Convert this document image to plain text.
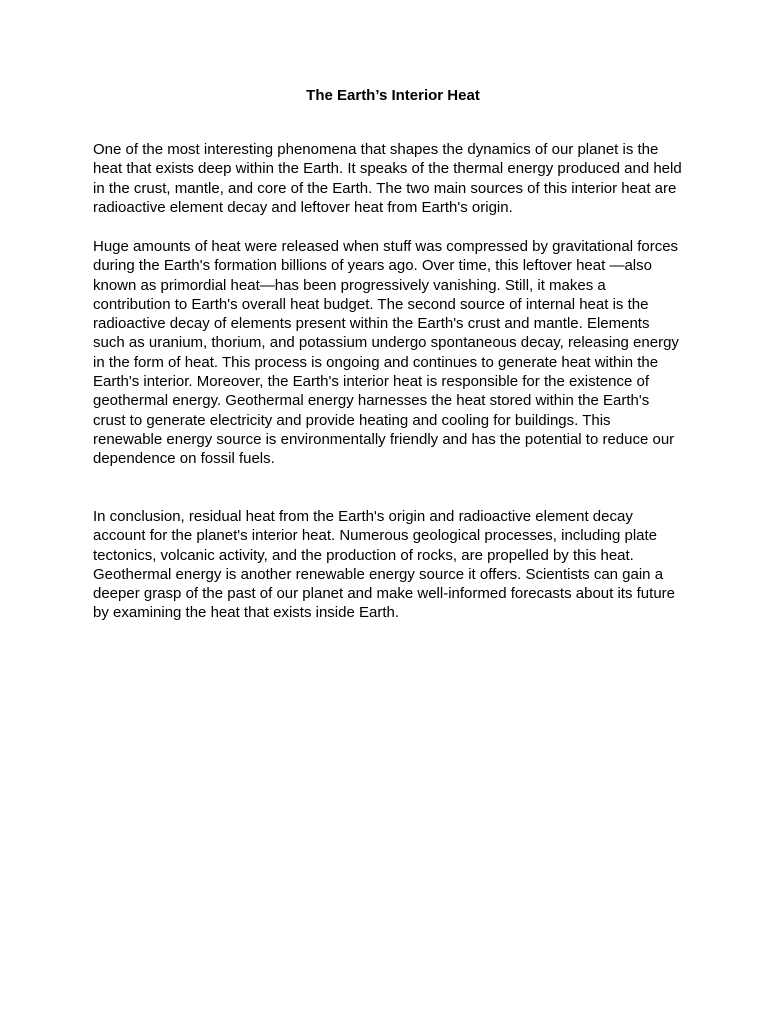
The Earth’s Interior Heat

One of the most interesting phenomena that shapes the dynamics of our planet is the heat that exists deep within the Earth. It speaks of the thermal energy produced and held in the crust, mantle, and core of the Earth. The two main sources of this interior heat are radioactive element decay and leftover heat from Earth's origin.

Huge amounts of heat were released when stuff was compressed by gravitational forces during the Earth's formation billions of years ago. Over time, this leftover heat —also known as primordial heat—has been progressively vanishing. Still, it makes a contribution to Earth's overall heat budget. The second source of internal heat is the radioactive decay of elements present within the Earth's crust and mantle. Elements such as uranium, thorium, and potassium undergo spontaneous decay, releasing energy in the form of heat. This process is ongoing and continues to generate heat within the Earth's interior. Moreover, the Earth's interior heat is responsible for the existence of geothermal energy. Geothermal energy harnesses the heat stored within the Earth's crust to generate electricity and provide heating and cooling for buildings. This renewable energy source is environmentally friendly and has the potential to reduce our dependence on fossil fuels.

In conclusion, residual heat from the Earth's origin and radioactive element decay account for the planet's interior heat. Numerous geological processes, including plate tectonics, volcanic activity, and the production of rocks, are propelled by this heat. Geothermal energy is another renewable energy source it offers. Scientists can gain a deeper grasp of the past of our planet and make well-informed forecasts about its future by examining the heat that exists inside Earth.
